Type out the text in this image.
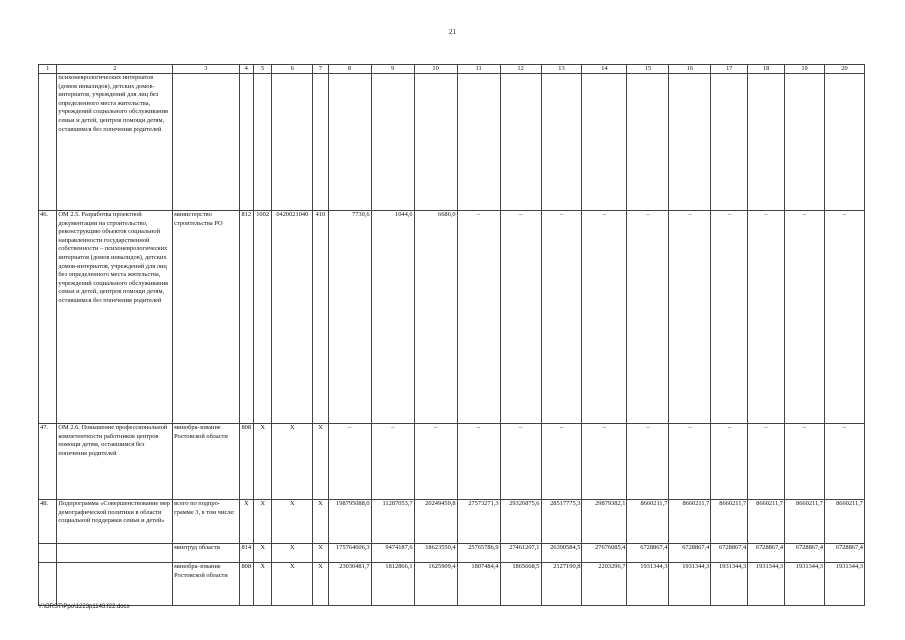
21
1	2	3	4	5	6	7	8	9	10	11	12	13	14	15	16	17	18	19	20
	психоневрологических интернатов (домов инвалидов), детских домов-интернатов, учреждений для лиц без определенного места жительства, учреждений социального обслуживания семьи и детей, центров помощи детям, оставшимся без попечения родителей																		
46.	ОМ 2.5. Разработка проектной документации на строительство, реконструкцию объектов социальной направленности государственной собственности – психоневрологических интернатов (домов инвалидов), детских домов-интернатов, учреждений для лиц без определенного места жительства, учреждений социального обслуживания семьи и детей, центров помощи детям, оставшимся без попечения родителей	министерство строительства РО	812	1002	0420021040	410	7730,6	1044,6	6686,0	–	–	–	–	–	–	–	–	–	–
47.	ОМ 2.6. Повышение профессиональной компетентности работников центров помощи детям, оставшимся без попечения родителей	минобра-зование Ростовской области	808	Х	Х	Х	–	–	–	–	–	–	–	–	–	–	–	–	–
48.	Подпрограмма «Совершенствование мер демографической политики в области социальной поддержки семьи и детей»	всего по подпро-грамме 3, в том числе:	Х	Х	Х	Х	198795088,0	11287053,7	20249459,8	27573271,3	29326875,6	28517775,3	29879382,1	8660211,7	8660211,7	8660211,7	8660211,7	8660211,7	8660211,7
		минтруд области	814	Х	Х	Х	175764606,3	9474187,6	18623550,4	25765786,9	27461207,1	26390584,5	27676085,4	6728867,4	6728867,4	6728867,4	6728867,4	6728867,4	6728867,4
		минобра-зование Ростовской области	808	Х	Х	Х	23030481,7	1812866,1	1625909,4	1807484,4	1865668,5	2127190,8	2203296,7	1931344,3	1931344,3	1931344,3	1931344,3	1931344,3	1931344,3
Y:\ORST\Ppo\1223p1143.f22.docx
